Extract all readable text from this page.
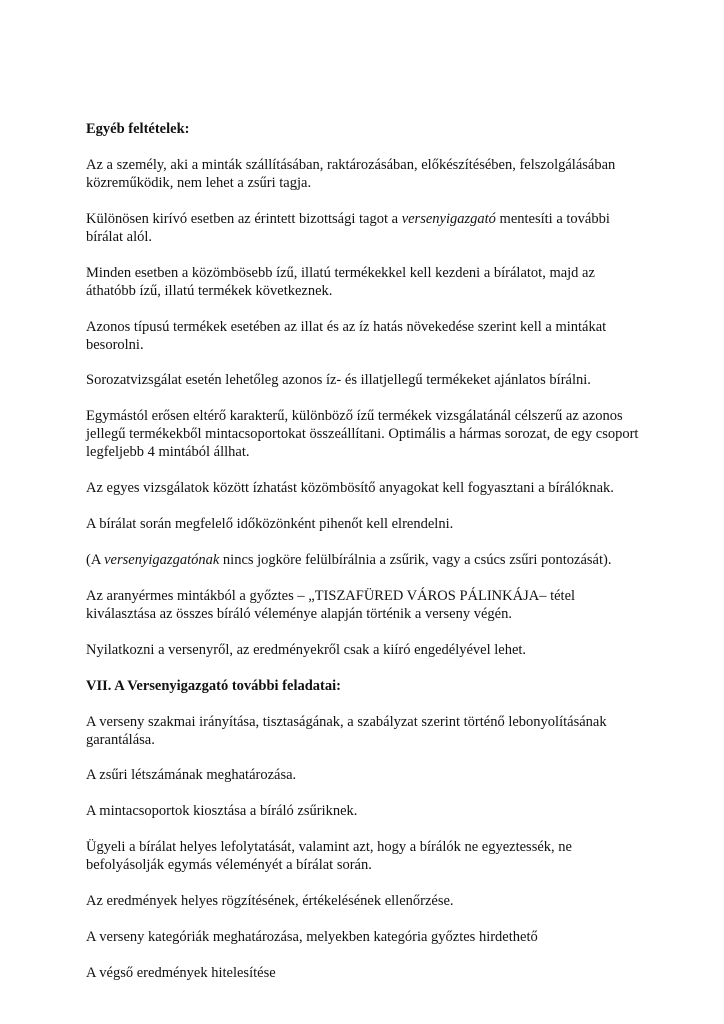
Egyéb feltételek:

Az a személy, aki a minták szállításában, raktározásában, előkészítésében, felszolgálásában közreműködik, nem lehet a zsűri tagja.

Különösen kirívó esetben az érintett bizottsági tagot a versenyigazgató mentesíti a további bírálat alól.

Minden esetben a közömbösebb ízű, illatú termékekkel kell kezdeni a bírálatot, majd az áthatóbb ízű, illatú termékek következnek.

Azonos típusú termékek esetében az illat és az íz hatás növekedése szerint kell a mintákat besorolni.

Sorozatvizsgálat esetén lehetőleg azonos íz- és illatjellegű termékeket ajánlatos bírálni.

Egymástól erősen eltérő karakterű, különböző ízű termékek vizsgálatánál célszerű az azonos jellegű termékekből mintacsoportokat összeállítani. Optimális a hármas sorozat, de egy csoport legfeljebb 4 mintából állhat.

Az egyes vizsgálatok között ízhatást közömbösítő anyagokat kell fogyasztani a bírálóknak.

A bírálat során megfelelő időközönként pihenőt kell elrendelni.

(A versenyigazgatónak nincs jogköre felülbírálnia a zsűrik, vagy a csúcs zsűri pontozását).

Az aranyérmes mintákból a győztes – „TISZAFÜRED VÁROS PÁLINKÁJA– tétel kiválasztása az összes bíráló véleménye alapján történik a verseny végén.

Nyilatkozni a versenyről, az eredményekről csak a kiíró engedélyével lehet.

VII. A Versenyigazgató további feladatai:

A verseny szakmai irányítása, tisztaságának, a szabályzat szerint történő lebonyolításának garantálása.

A zsűri létszámának meghatározása.

A mintacsoportok kiosztása a bíráló zsűriknek.

Ügyeli a bírálat helyes lefolytatását, valamint azt, hogy a bírálók ne egyeztessék, ne befolyásolják egymás véleményét a bírálat során.

Az eredmények helyes rögzítésének, értékelésének ellenőrzése.

A verseny kategóriák meghatározása, melyekben kategória győztes hirdethető

A végső eredmények hitelesítése
